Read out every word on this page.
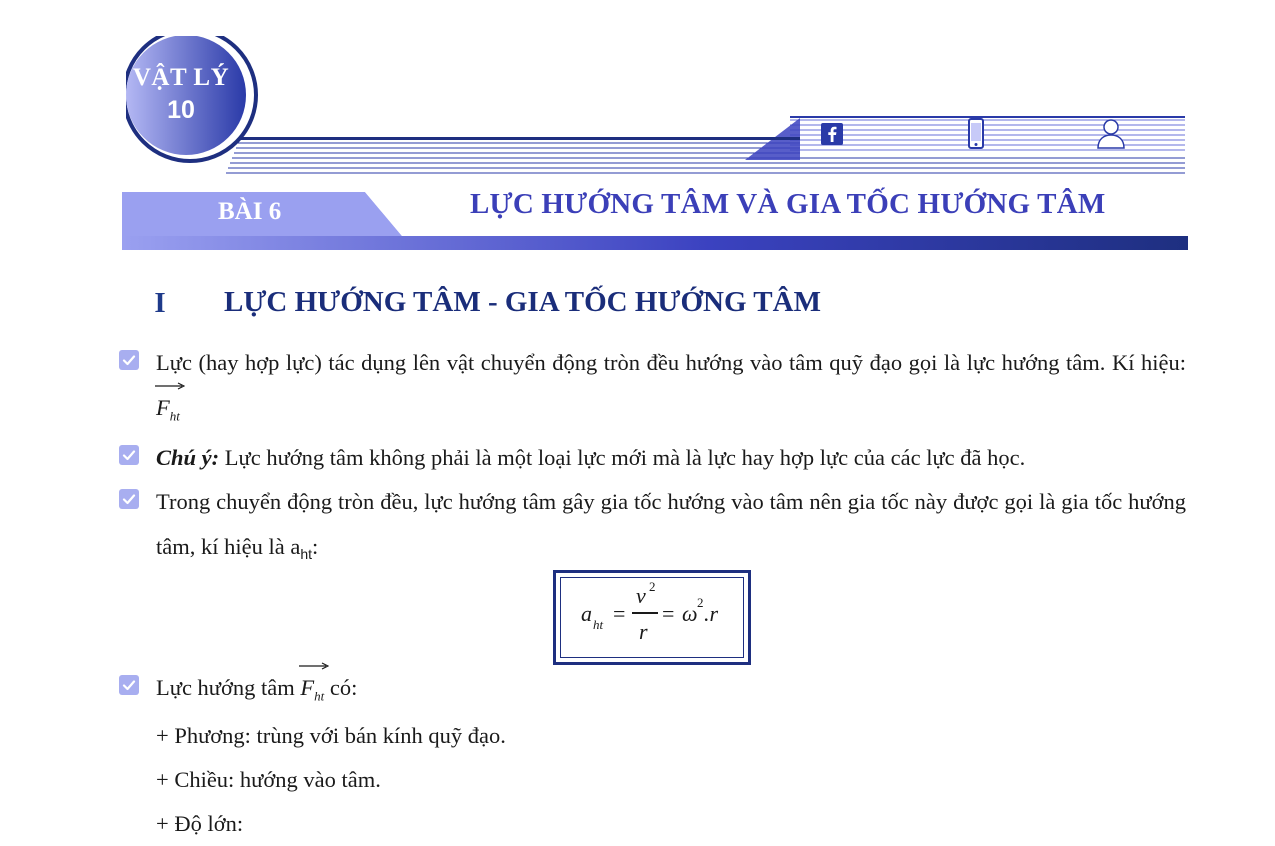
VẬT LÝ
10
BÀI 6	LỰC HƯỚNG TÂM VÀ GIA TỐC HƯỚNG TÂM
I LỰC HƯỚNG TÂM - GIA TỐC HƯỚNG TÂM
Lực (hay hợp lực) tác dụng lên vật chuyển động tròn đều hướng vào tâm quỹ đạo gọi là lực hướng tâm. Kí hiệu:
$F_{ht}$
Chú ý: Lực hướng tâm không phải là một loại lực mới mà là lực hay hợp lực của các lực đã học.
Trong chuyển động tròn đều, lực hướng tâm gây gia tốc hướng vào tâm nên gia tốc này được gọi là gia tốc hướng tâm, kí hiệu là $a_{ht}$:
a ht =
v 2
r
= ω 2 .r
Lực hướng tâm $F_{ht}$ có:
+ Phương: trùng với bán kính quỹ đạo.
+ Chiều: hướng vào tâm.
+ Độ lớn:
